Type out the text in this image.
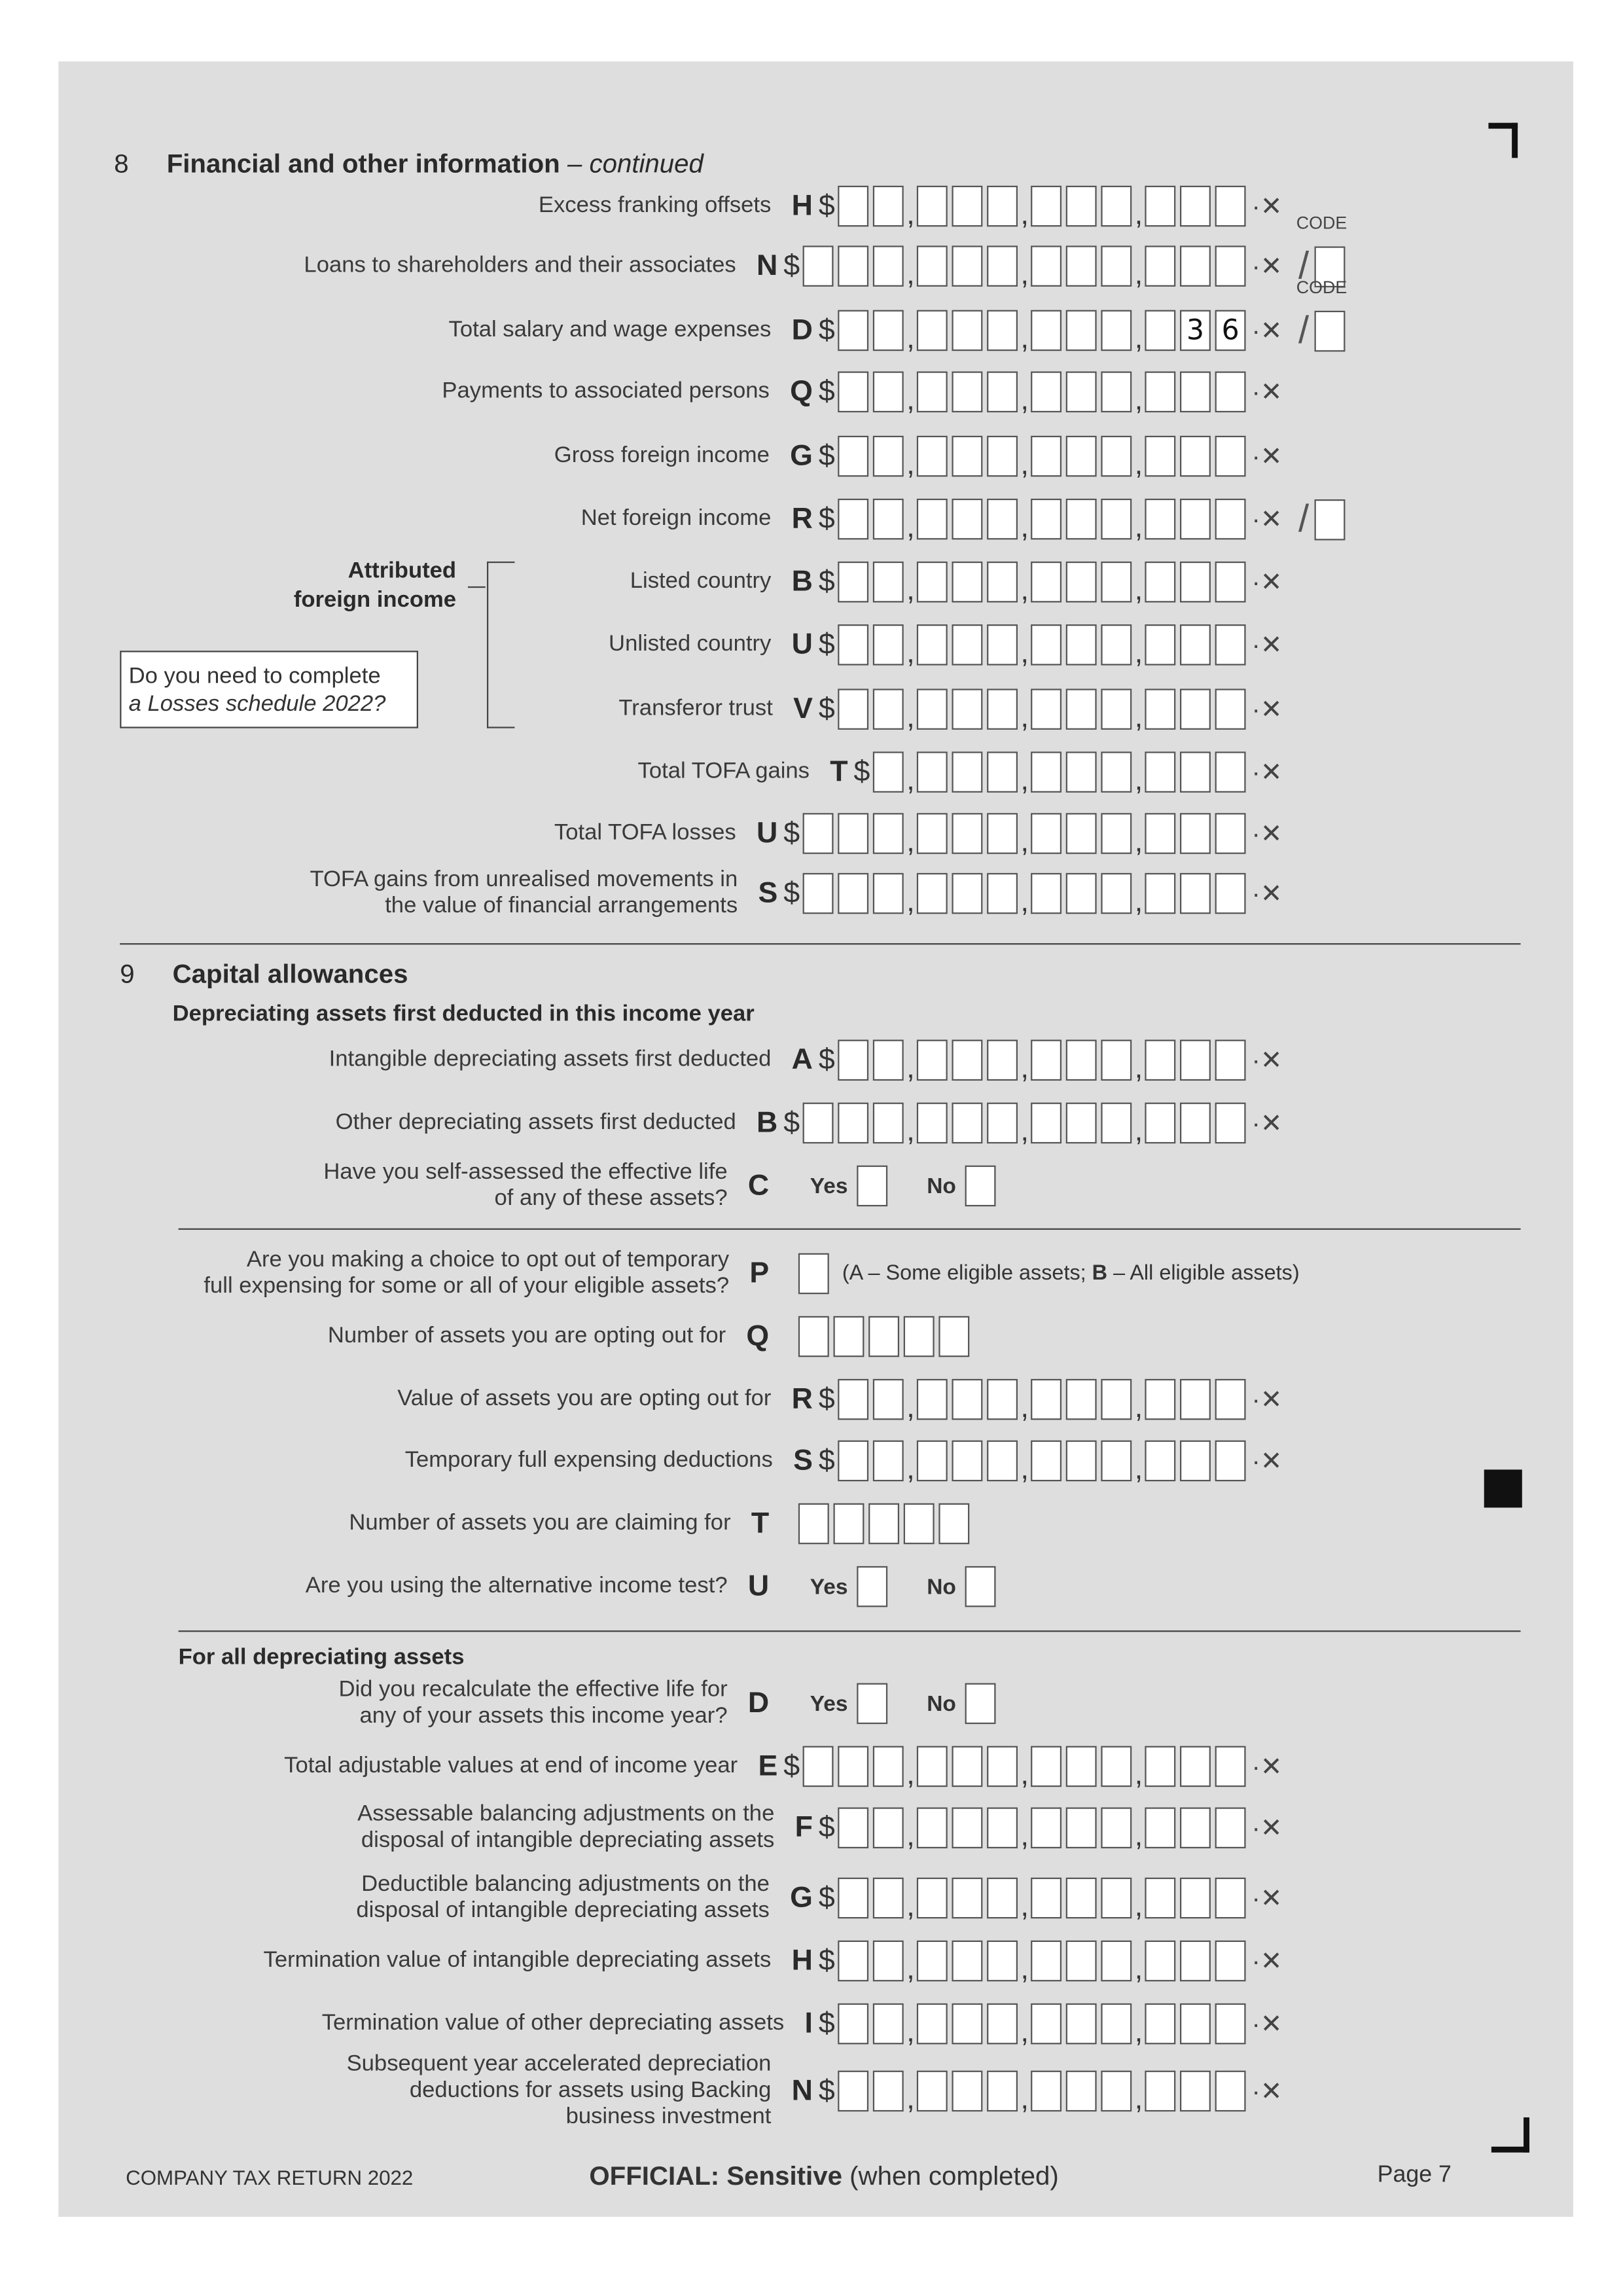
8	Financial and other information – continued
Attributed
foreign income
Do you need to complete
a Losses schedule 2022?
9	Capital allowances
Depreciating assets first deducted in this income year
For all depreciating assets
Excess franking offsets H $	,	,	,	·✕
Loans to shareholders and their associates N $	,	,	,	·✕ /
CODE
Total salary and wage expenses D $	,	,	,	3	6	·✕ /
CODE
Payments to associated persons Q $	,	,	,	·✕
Gross foreign income G $	,	,	,	·✕
Net foreign income R $	,	,	,	·✕ /
Listed country B $	,	,	,	·✕
Unlisted country U $	,	,	,	·✕
Transferor trust V $	,	,	,	·✕
Total TOFA gains T $	,	,	,	·✕
Total TOFA losses U $	,	,	,	·✕
TOFA gains from unrealised movements in
the value of financial arrangements S $	,	,	,	·✕
Intangible depreciating assets first deducted A $	,	,	,	·✕
Other depreciating assets first deducted B $	,	,	,	·✕
Have you self-assessed the effective life
of any of these assets? C	Yes	No
Are you making a choice to opt out of temporary
full expensing for some or all of your eligible assets? P	(A – Some eligible assets; B – All eligible assets)
Number of assets you are opting out for Q
Value of assets you are opting out for R $	,	,	,	·✕
Temporary full expensing deductions S $	,	,	,	·✕
Number of assets you are claiming for T
Are you using the alternative income test? U	Yes	No
Did you recalculate the effective life for
any of your assets this income year? D	Yes	No
Total adjustable values at end of income year E $	,	,	,	·✕
Assessable balancing adjustments on the
disposal of intangible depreciating assets F $	,	,	,	·✕
Deductible balancing adjustments on the
disposal of intangible depreciating assets G $	,	,	,	·✕
Termination value of intangible depreciating assets H $	,	,	,	·✕
Termination value of other depreciating assets I $	,	,	,	·✕
Subsequent year accelerated depreciation
deductions for assets using Backing
business investment
N $	,	,	,	·✕
COMPANY TAX RETURN 2022	OFFICIAL: Sensitive (when completed)	Page 7
